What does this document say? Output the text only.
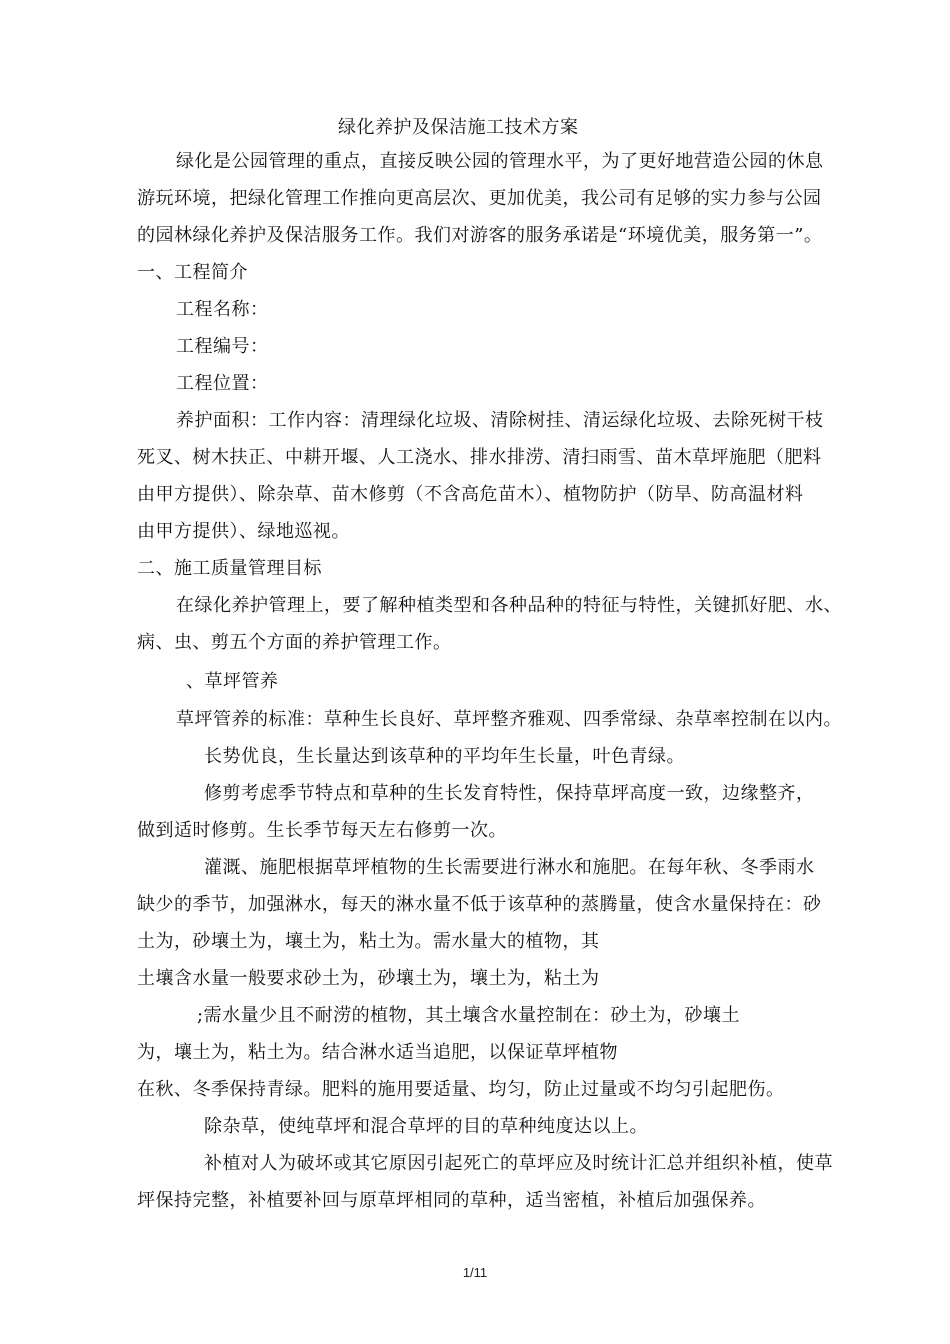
绿化养护及保洁施工技术方案
绿化是公园管理的重点，直接反映公园的管理水平，为了更好地营造公园的休息
游玩环境，把绿化管理工作推向更高层次、更加优美，我公司有足够的实力参与公园
的园林绿化养护及保洁服务工作。我们对游客的服务承诺是“环境优美，服务第一”。
一、工程简介
工程名称：
工程编号：
工程位置：
养护面积：工作内容：清理绿化垃圾、清除树挂、清运绿化垃圾、去除死树干枝
死叉、树木扶正、中耕开堰、人工浇水、排水排涝、清扫雨雪、苗木草坪施肥（肥料
由甲方提供）、除杂草、苗木修剪（不含高危苗木）、植物防护（防旱、防高温材料
由甲方提供）、绿地巡视。
二、施工质量管理目标
在绿化养护管理上，要了解种植类型和各种品种的特征与特性，关键抓好肥、水、
病、虫、剪五个方面的养护管理工作。
、草坪管养
草坪管养的标准：草种生长良好、草坪整齐雅观、四季常绿、杂草率控制在以内。
长势优良，生长量达到该草种的平均年生长量，叶色青绿。
修剪考虑季节特点和草种的生长发育特性，保持草坪高度一致，边缘整齐，
做到适时修剪。生长季节每天左右修剪一次。
灌溉、施肥根据草坪植物的生长需要进行淋水和施肥。在每年秋、冬季雨水
缺少的季节，加强淋水，每天的淋水量不低于该草种的蒸腾量，使含水量保持在：砂
土为，砂壤土为，壤土为，粘土为。需水量大的植物，其
土壤含水量一般要求砂土为，砂壤土为，壤土为，粘土为
;需水量少且不耐涝的植物，其土壤含水量控制在：砂土为，砂壤土
为，壤土为，粘土为。结合淋水适当追肥，以保证草坪植物
在秋、冬季保持青绿。肥料的施用要适量、均匀，防止过量或不均匀引起肥伤。
除杂草，使纯草坪和混合草坪的目的草种纯度达以上。
补植对人为破坏或其它原因引起死亡的草坪应及时统计汇总并组织补植，使草
坪保持完整，补植要补回与原草坪相同的草种，适当密植，补植后加强保养。
1/11
